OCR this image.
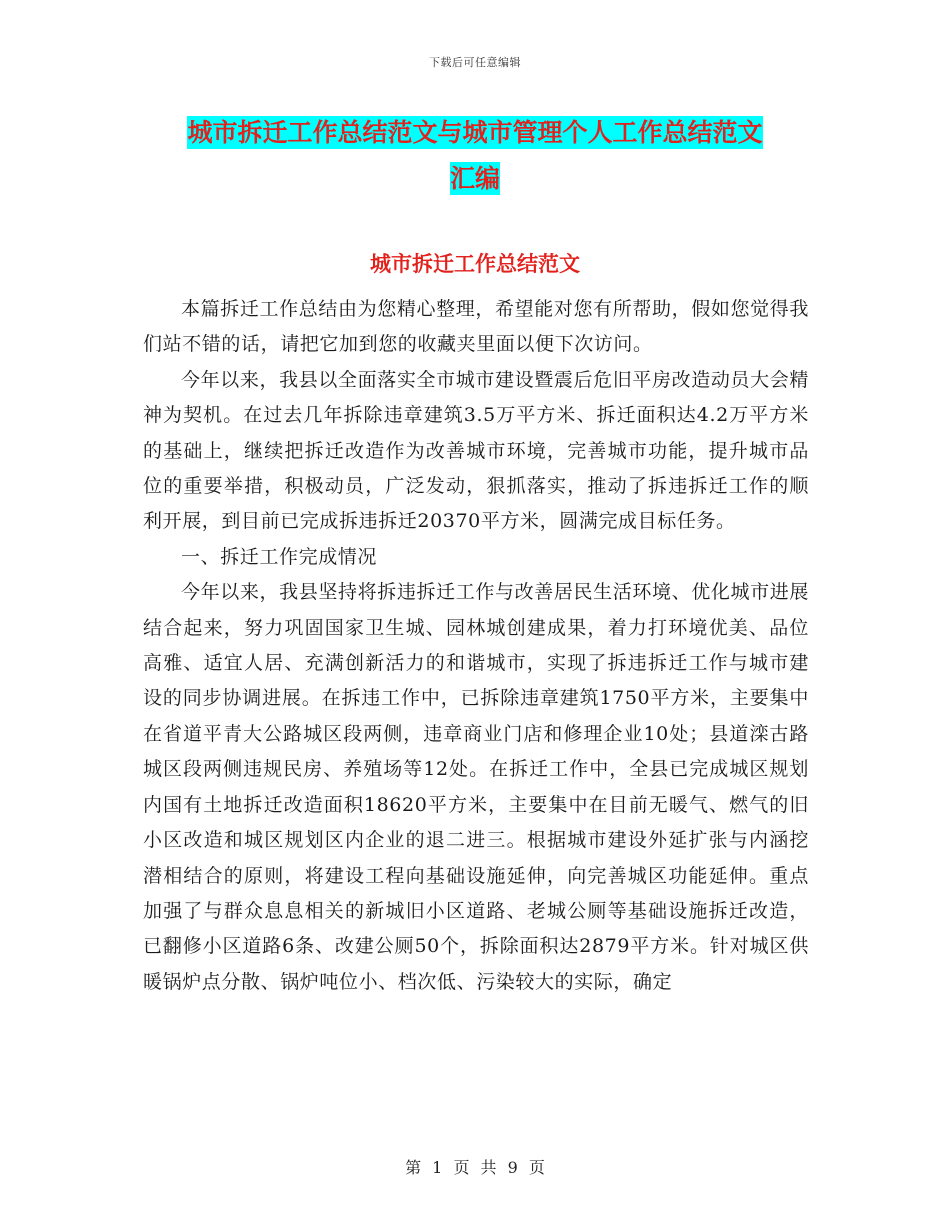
下载后可任意编辑
城市拆迁工作总结范文与城市管理个人工作总结范文
汇编
城市拆迁工作总结范文

本篇拆迁工作总结由为您精心整理，希望能对您有所帮助，假如您觉得我们站不错的话，请把它加到您的收藏夹里面以便下次访问。

今年以来，我县以全面落实全市城市建设暨震后危旧平房改造动员大会精神为契机。在过去几年拆除违章建筑3.5万平方米、拆迁面积达4.2万平方米的基础上，继续把拆迁改造作为改善城市环境，完善城市功能，提升城市品位的重要举措，积极动员，广泛发动，狠抓落实，推动了拆违拆迁工作的顺利开展，到目前已完成拆违拆迁20370平方米，圆满完成目标任务。

一、拆迁工作完成情况

今年以来，我县坚持将拆违拆迁工作与改善居民生活环境、优化城市进展结合起来，努力巩固国家卫生城、园林城创建成果，着力打环境优美、品位高雅、适宜人居、充满创新活力的和谐城市，实现了拆违拆迁工作与城市建设的同步协调进展。在拆违工作中，已拆除违章建筑1750平方米，主要集中在省道平青大公路城区段两侧，违章商业门店和修理企业10处；县道滦古路城区段两侧违规民房、养殖场等12处。在拆迁工作中，全县已完成城区规划内国有土地拆迁改造面积18620平方米，主要集中在目前无暖气、燃气的旧小区改造和城区规划区内企业的退二进三。根据城市建设外延扩张与内涵挖潜相结合的原则，将建设工程向基础设施延伸，向完善城区功能延伸。重点加强了与群众息息相关的新城旧小区道路、老城公厕等基础设施拆迁改造，已翻修小区道路6条、改建公厕50个，拆除面积达2879平方米。针对城区供暖锅炉点分散、锅炉吨位小、档次低、污染较大的实际，确定

第 1 页 共 9 页
